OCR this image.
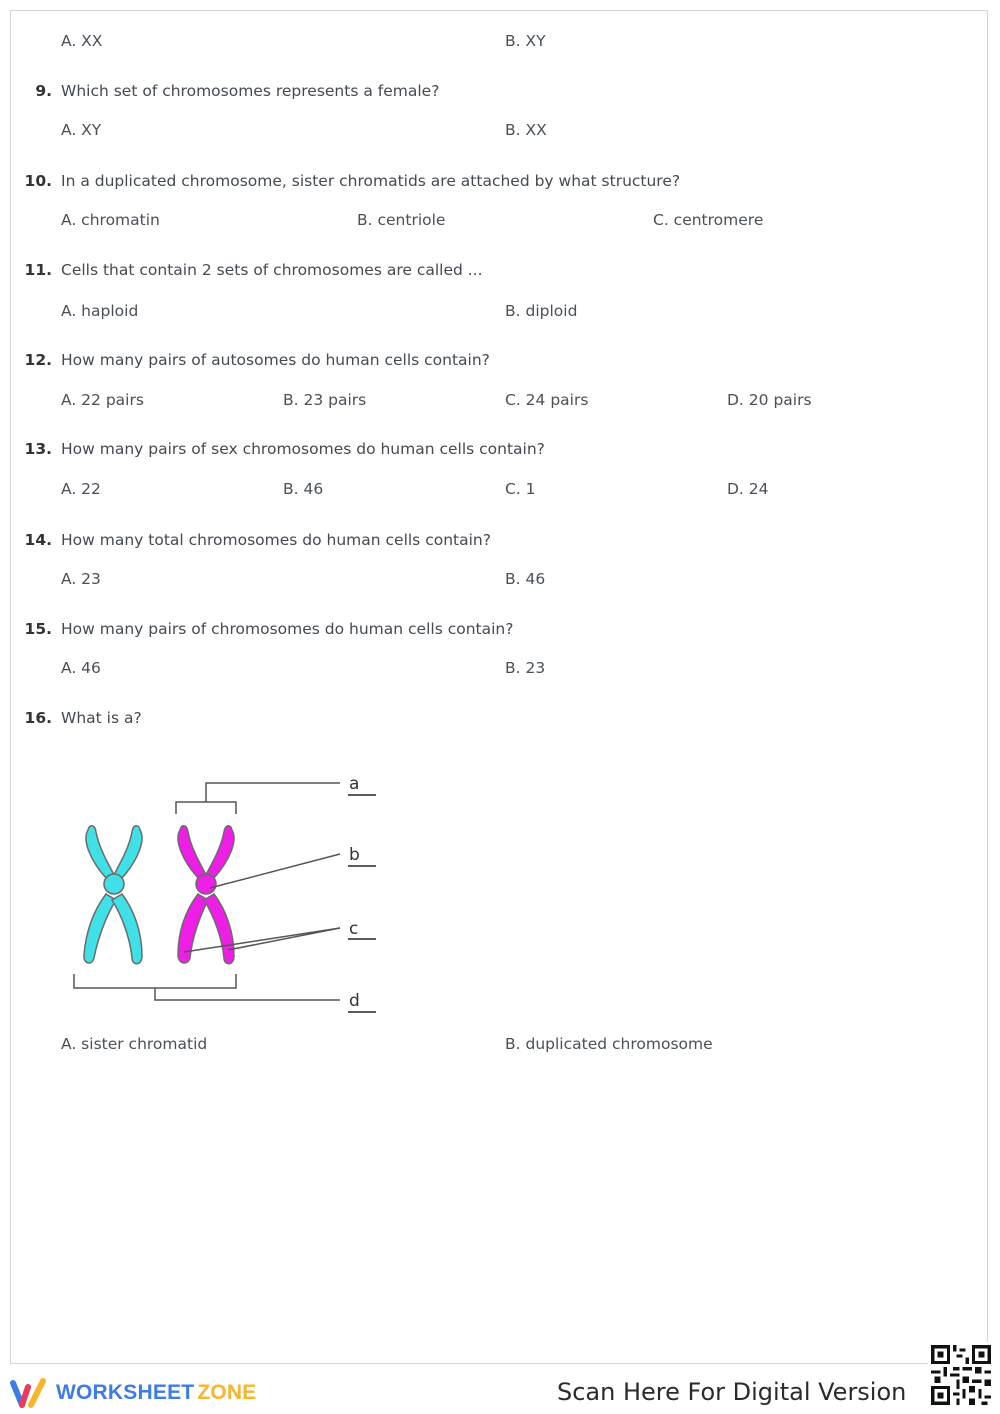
A. XX	B. XY
9. Which set of chromosomes represents a female?
A. XY	B. XX
10. In a duplicated chromosome, sister chromatids are attached by what structure?
A. chromatin	B. centriole	C. centromere
11. Cells that contain 2 sets of chromosomes are called ...
A. haploid	B. diploid
12. How many pairs of autosomes do human cells contain?
A. 22 pairs	B. 23 pairs	C. 24 pairs	D. 20 pairs
13. How many pairs of sex chromosomes do human cells contain?
A. 22	B. 46	C. 1	D. 24
14. How many total chromosomes do human cells contain?
A. 23	B. 46
15. How many pairs of chromosomes do human cells contain?
A. 46	B. 23
16. What is a?
a
b
c
d
A. sister chromatid	B. duplicated chromosome
WORKSHEET ZONE	Scan Here For Digital Version
